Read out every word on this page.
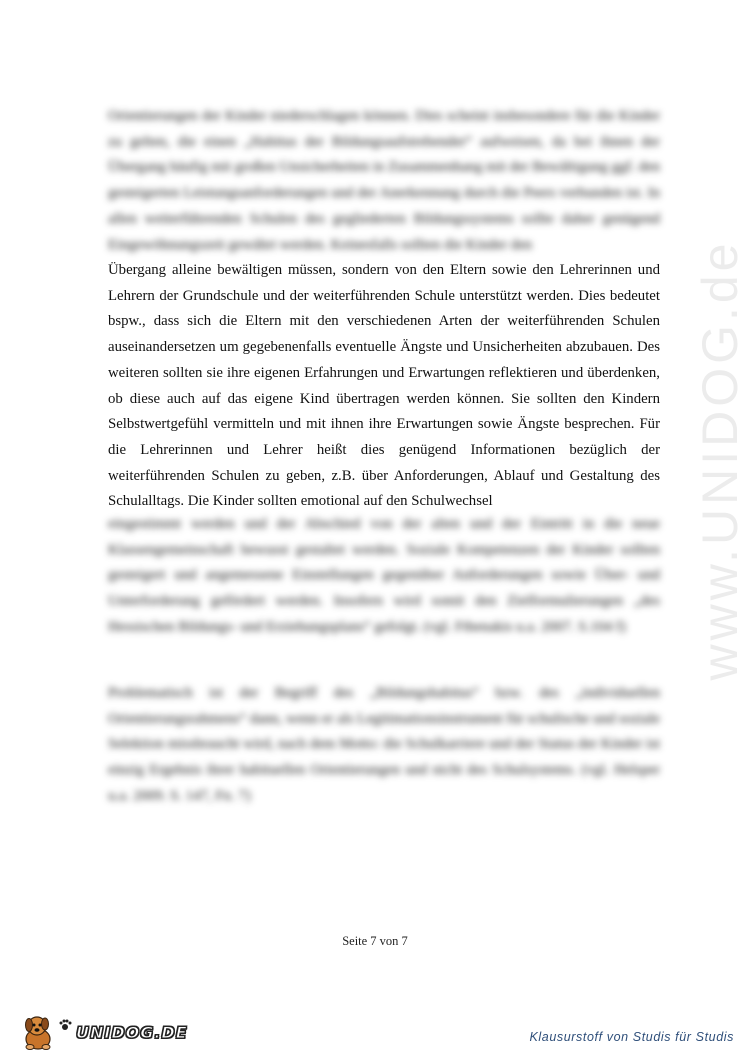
www.UNIDOG.de
Orientierungen der Kinder niederschlagen können. Dies scheint insbesondere für die Kinder zu gelten, die einen „Habitus der Bildungsaufstrebender“ aufweisen, da bei ihnen der Übergang häufig mit großen Unsicherheiten in Zusammenhang mit der Bewältigung ggf. den gesteigerten Leistungsanforderungen und der Anerkennung durch die Peers verbunden ist. In allen weiterführenden Schulen des gegliederten Bildungssystems sollte daher genügend Eingewöhnungszeit gewährt werden. Keinesfalls sollten die Kinder den
Übergang alleine bewältigen müssen, sondern von den Eltern sowie den Lehrerinnen und Lehrern der Grundschule und der weiterführenden Schule unterstützt werden. Dies bedeutet bspw., dass sich die Eltern mit den verschiedenen Arten der weiterführenden Schulen auseinandersetzen um gegebenenfalls eventuelle Ängste und Unsicherheiten abzubauen. Des weiteren sollten sie ihre eigenen Erfahrungen und Erwartungen reflektieren und überdenken, ob diese auch auf das eigene Kind übertragen werden können. Sie sollten den Kindern Selbstwertgefühl vermitteln und mit ihnen ihre Erwartungen sowie Ängste besprechen. Für die Lehrerinnen und Lehrer heißt dies genügend Informationen bezüglich der weiterführenden Schulen zu geben, z.B. über Anforderungen, Ablauf und Gestaltung des Schulalltags. Die Kinder sollten emotional auf den Schulwechsel
eingestimmt werden und der Abschied von der alten und der Eintritt in die neue Klassengemeinschaft bewusst gestaltet werden. Soziale Kompetenzen der Kinder sollten gesteigert und angemessene Einstellungen gegenüber Anforderungen sowie Über- und Unterforderung gefördert werden. Insofern wird somit den Zielformulierungen „des Hessischen Bildungs- und Erziehungsplans“ gefolgt. (vgl. Fthenakis u.a. 2007. S.104 f)
Problematisch ist der Begriff des „Bildungshabitus“ bzw. des „individuellen Orientierungsrahmens“ dann, wenn er als Legitimationsinstrument für schulische und soziale Selektion missbraucht wird, nach dem Motto: die Schulkarriere und der Status der Kinder ist einzig Ergebnis ihrer habituellen Orientierungen und nicht des Schulsystems. (vgl. Helsper u.a. 2009. S. 147, Fn. 7)
Seite 7 von 7
UNIDOG.DE	Klausurstoff von Studis für Studis
